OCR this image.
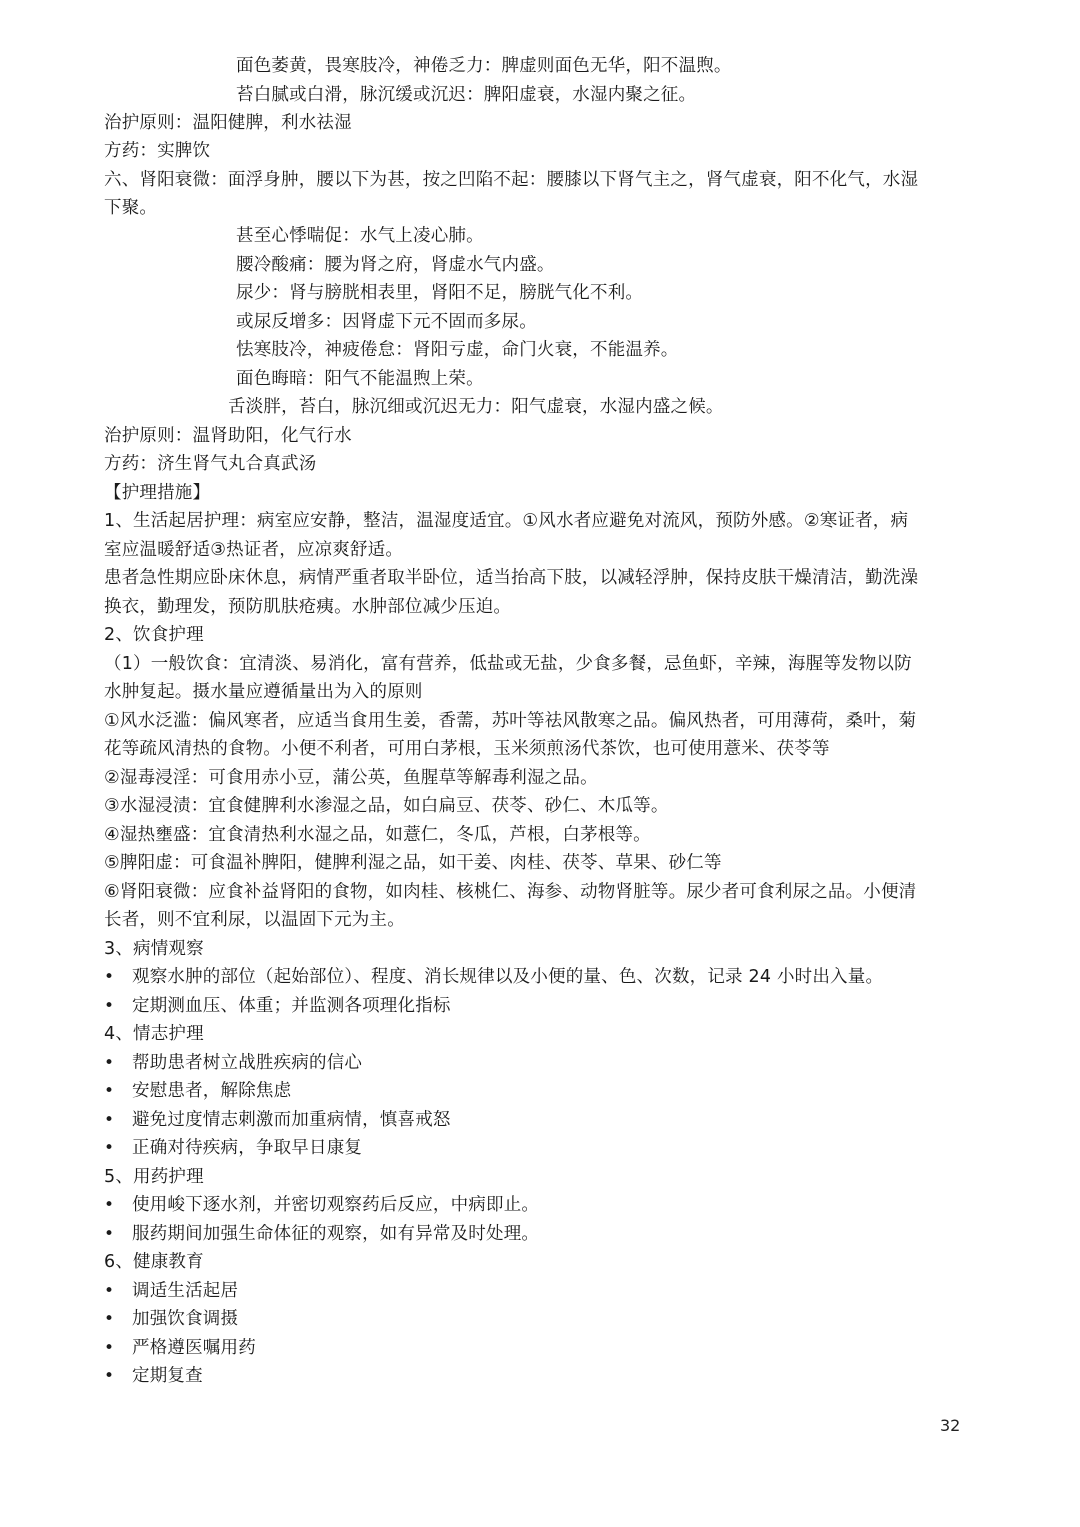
面色萎黄，畏寒肢冷，神倦乏力：脾虚则面色无华，阳不温煦。
苔白腻或白滑，脉沉缓或沉迟：脾阳虚衰，水湿内聚之征。
治护原则：温阳健脾，利水祛湿
方药：实脾饮
六、肾阳衰微：面浮身肿，腰以下为甚，按之凹陷不起：腰膝以下肾气主之，肾气虚衰，阳不化气，水湿
下聚。
甚至心悸喘促：水气上凌心肺。
腰冷酸痛：腰为肾之府，肾虚水气内盛。
尿少：肾与膀胱相表里，肾阳不足，膀胱气化不利。
或尿反增多：因肾虚下元不固而多尿。
怯寒肢冷，神疲倦怠：肾阳亏虚，命门火衰，不能温养。
面色晦暗：阳气不能温煦上荣。
舌淡胖，苔白，脉沉细或沉迟无力：阳气虚衰，水湿内盛之候。
治护原则：温肾助阳，化气行水
方药：济生肾气丸合真武汤
【护理措施】
1、生活起居护理：病室应安静，整洁，温湿度适宜。①风水者应避免对流风，预防外感。②寒证者，病
室应温暖舒适③热证者，应凉爽舒适。
患者急性期应卧床休息，病情严重者取半卧位，适当抬高下肢，以减轻浮肿，保持皮肤干燥清洁，勤洗澡
换衣，勤理发，预防肌肤疮痍。水肿部位减少压迫。
2、饮食护理
（1）一般饮食：宜清淡、易消化，富有营养，低盐或无盐，少食多餐，忌鱼虾，辛辣，海腥等发物以防
水肿复起。摄水量应遵循量出为入的原则
①风水泛滥：偏风寒者，应适当食用生姜，香薷，苏叶等祛风散寒之品。偏风热者，可用薄荷，桑叶，菊
花等疏风清热的食物。小便不利者，可用白茅根，玉米须煎汤代茶饮，也可使用薏米、茯苓等
②湿毒浸淫：可食用赤小豆，蒲公英，鱼腥草等解毒利湿之品。
③水湿浸渍：宜食健脾利水渗湿之品，如白扁豆、茯苓、砂仁、木瓜等。
④湿热壅盛：宜食清热利水湿之品，如薏仁，冬瓜，芦根，白茅根等。
⑤脾阳虚：可食温补脾阳，健脾利湿之品，如干姜、肉桂、茯苓、草果、砂仁等
⑥肾阳衰微：应食补益肾阳的食物，如肉桂、核桃仁、海参、动物肾脏等。尿少者可食利尿之品。小便清
长者，则不宜利尿，以温固下元为主。
3、病情观察
• 观察水肿的部位（起始部位）、程度、消长规律以及小便的量、色、次数，记录 24 小时出入量。
• 定期测血压、体重；并监测各项理化指标
4、情志护理
• 帮助患者树立战胜疾病的信心
• 安慰患者，解除焦虑
• 避免过度情志刺激而加重病情，慎喜戒怒
• 正确对待疾病，争取早日康复
5、用药护理
• 使用峻下逐水剂，并密切观察药后反应，中病即止。
• 服药期间加强生命体征的观察，如有异常及时处理。
6、健康教育
• 调适生活起居
• 加强饮食调摄
• 严格遵医嘱用药
• 定期复查
32
